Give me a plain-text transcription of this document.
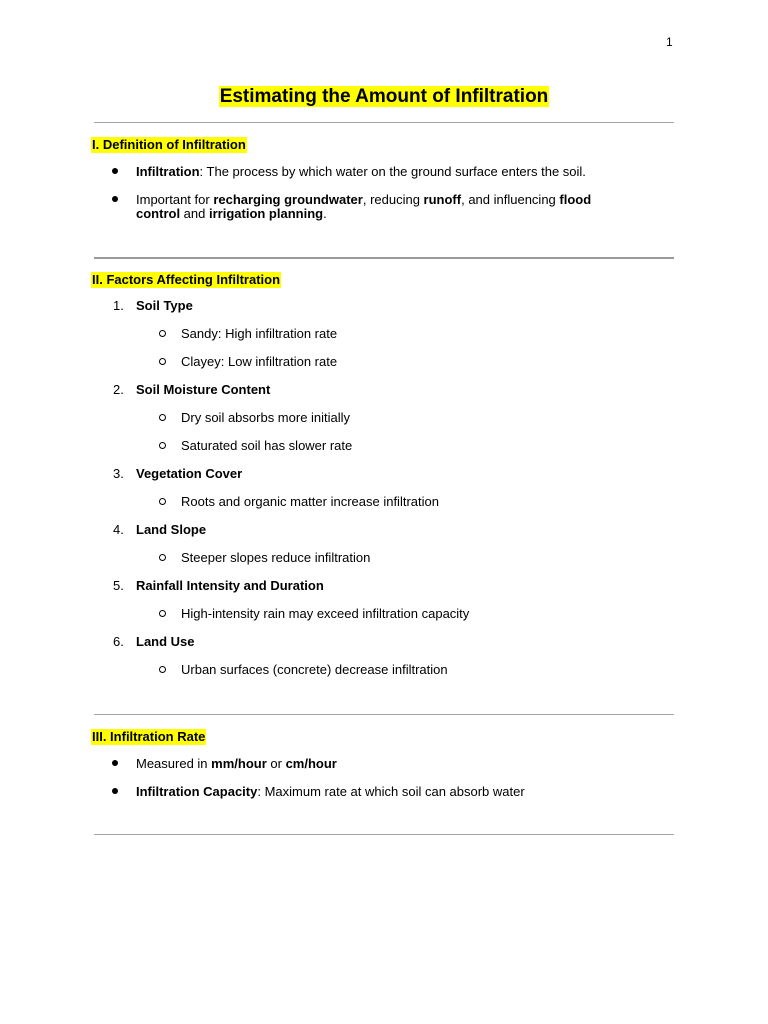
1
Estimating the Amount of Infiltration
I. Definition of Infiltration
Infiltration: The process by which water on the ground surface enters the soil.
Important for recharging groundwater, reducing runoff, and influencing flood
control and irrigation planning.
II. Factors Affecting Infiltration
1. Soil Type
Sandy: High infiltration rate
Clayey: Low infiltration rate
2. Soil Moisture Content
Dry soil absorbs more initially
Saturated soil has slower rate
3. Vegetation Cover
Roots and organic matter increase infiltration
4. Land Slope
Steeper slopes reduce infiltration
5. Rainfall Intensity and Duration
High-intensity rain may exceed infiltration capacity
6. Land Use
Urban surfaces (concrete) decrease infiltration
III. Infiltration Rate
Measured in mm/hour or cm/hour
Infiltration Capacity: Maximum rate at which soil can absorb water
